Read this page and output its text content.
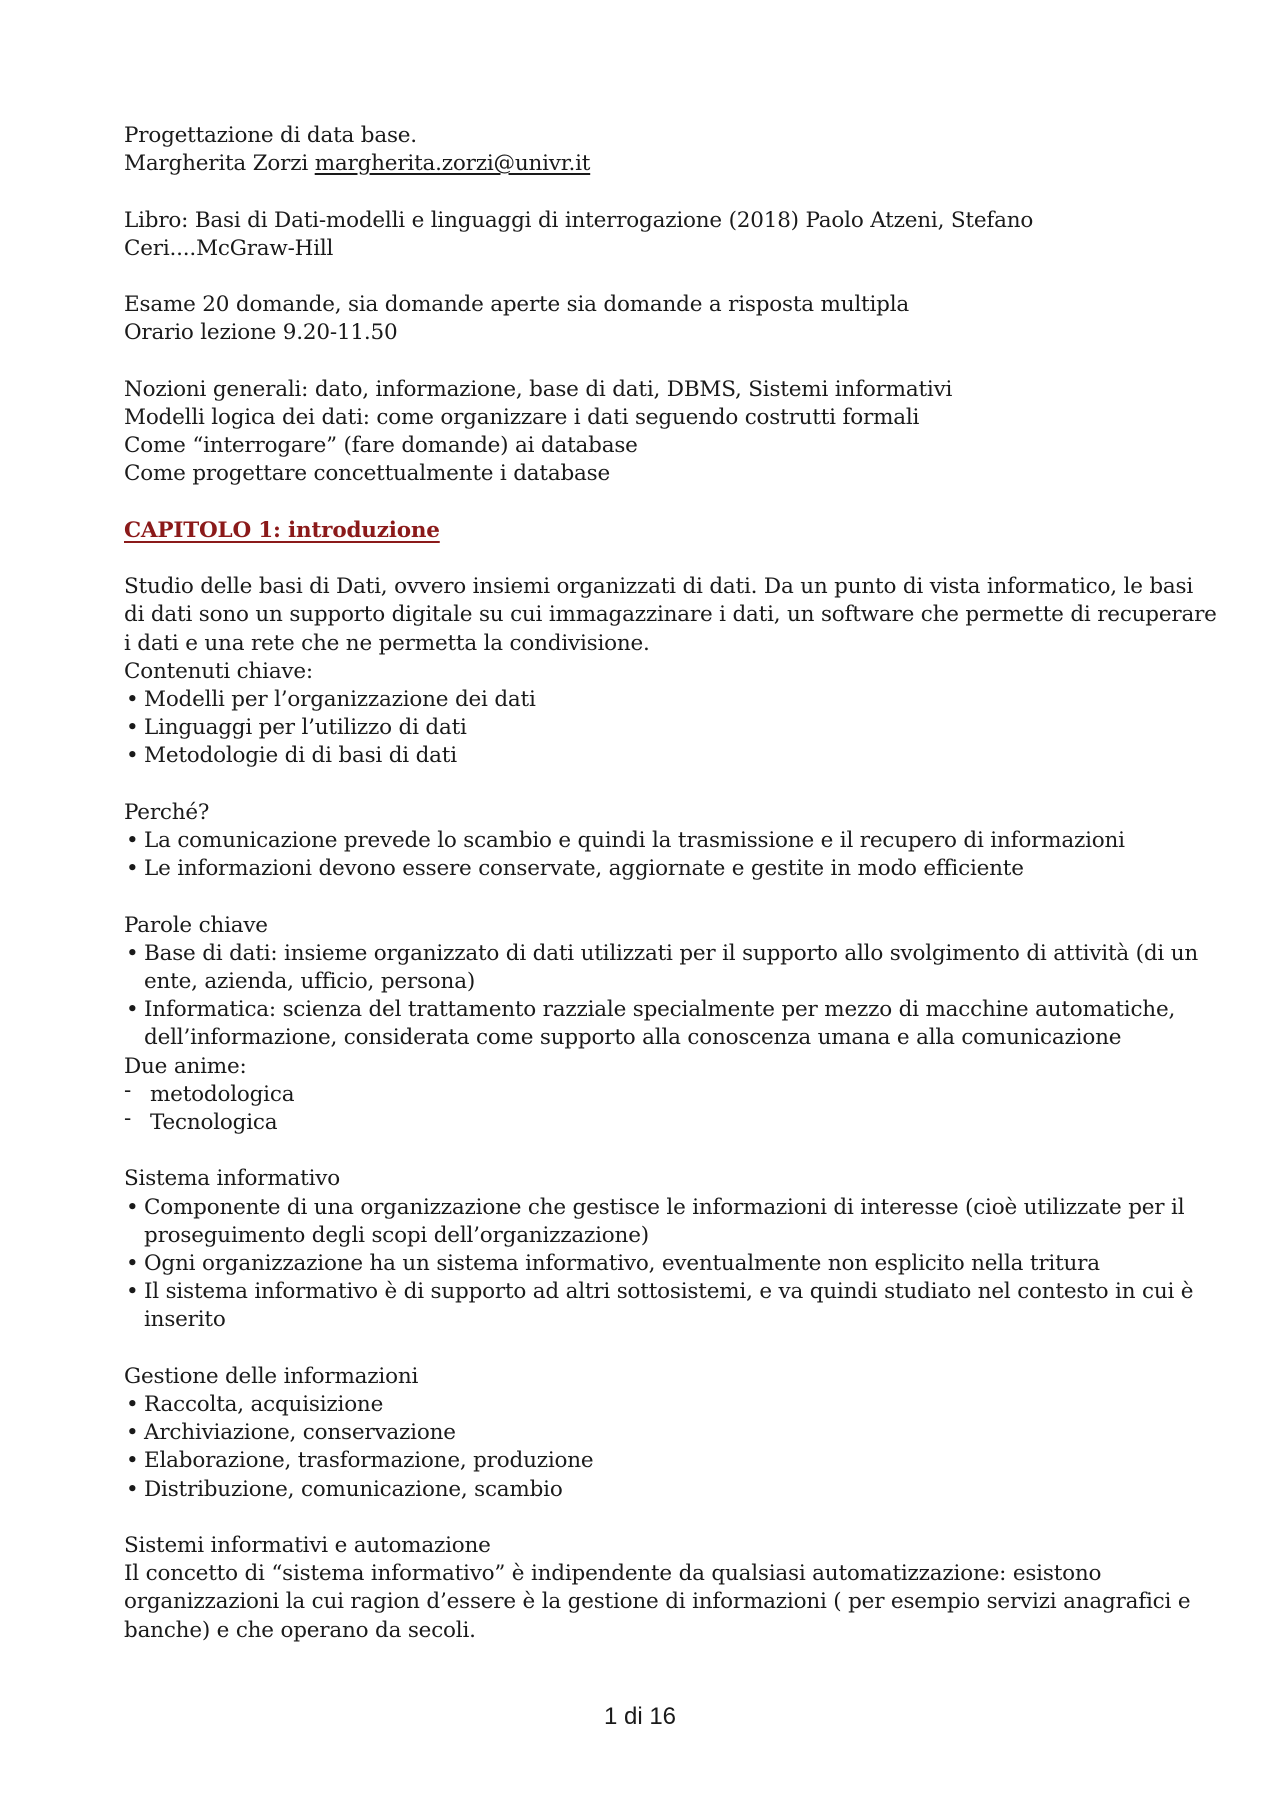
Progettazione di data base.
Margherita Zorzi margherita.zorzi@univr.it
Libro: Basi di Dati-modelli e linguaggi di interrogazione (2018) Paolo Atzeni, Stefano
Ceri....McGraw-Hill
Esame 20 domande, sia domande aperte sia domande a risposta multipla
Orario lezione 9.20-11.50
Nozioni generali: dato, informazione, base di dati, DBMS, Sistemi informativi
Modelli logica dei dati: come organizzare i dati seguendo costrutti formali
Come “interrogare” (fare domande) ai database
Come progettare concettualmente i database
CAPITOLO 1: introduzione
Studio delle basi di Dati, ovvero insiemi organizzati di dati. Da un punto di vista informatico, le basi
di dati sono un supporto digitale su cui immagazzinare i dati, un software che permette di recuperare
i dati e una rete che ne permetta la condivisione.
Contenuti chiave:
• Modelli per l’organizzazione dei dati
• Linguaggi per l’utilizzo di dati
• Metodologie di di basi di dati
Perché?
• La comunicazione prevede lo scambio e quindi la trasmissione e il recupero di informazioni
• Le informazioni devono essere conservate, aggiornate e gestite in modo efficiente
Parole chiave
• Base di dati: insieme organizzato di dati utilizzati per il supporto allo svolgimento di attività (di un
ente, azienda, ufficio, persona)
• Informatica: scienza del trattamento razziale specialmente per mezzo di macchine automatiche,
dell’informazione, considerata come supporto alla conoscenza umana e alla comunicazione
Due anime:
- metodologica
- Tecnologica
Sistema informativo
• Componente di una organizzazione che gestisce le informazioni di interesse (cioè utilizzate per il
proseguimento degli scopi dell’organizzazione)
• Ogni organizzazione ha un sistema informativo, eventualmente non esplicito nella tritura
• Il sistema informativo è di supporto ad altri sottosistemi, e va quindi studiato nel contesto in cui è
inserito
Gestione delle informazioni
• Raccolta, acquisizione
• Archiviazione, conservazione
• Elaborazione, trasformazione, produzione
• Distribuzione, comunicazione, scambio
Sistemi informativi e automazione
Il concetto di “sistema informativo” è indipendente da qualsiasi automatizzazione: esistono
organizzazioni la cui ragion d’essere è la gestione di informazioni ( per esempio servizi anagrafici e
banche) e che operano da secoli.
1 di 16
